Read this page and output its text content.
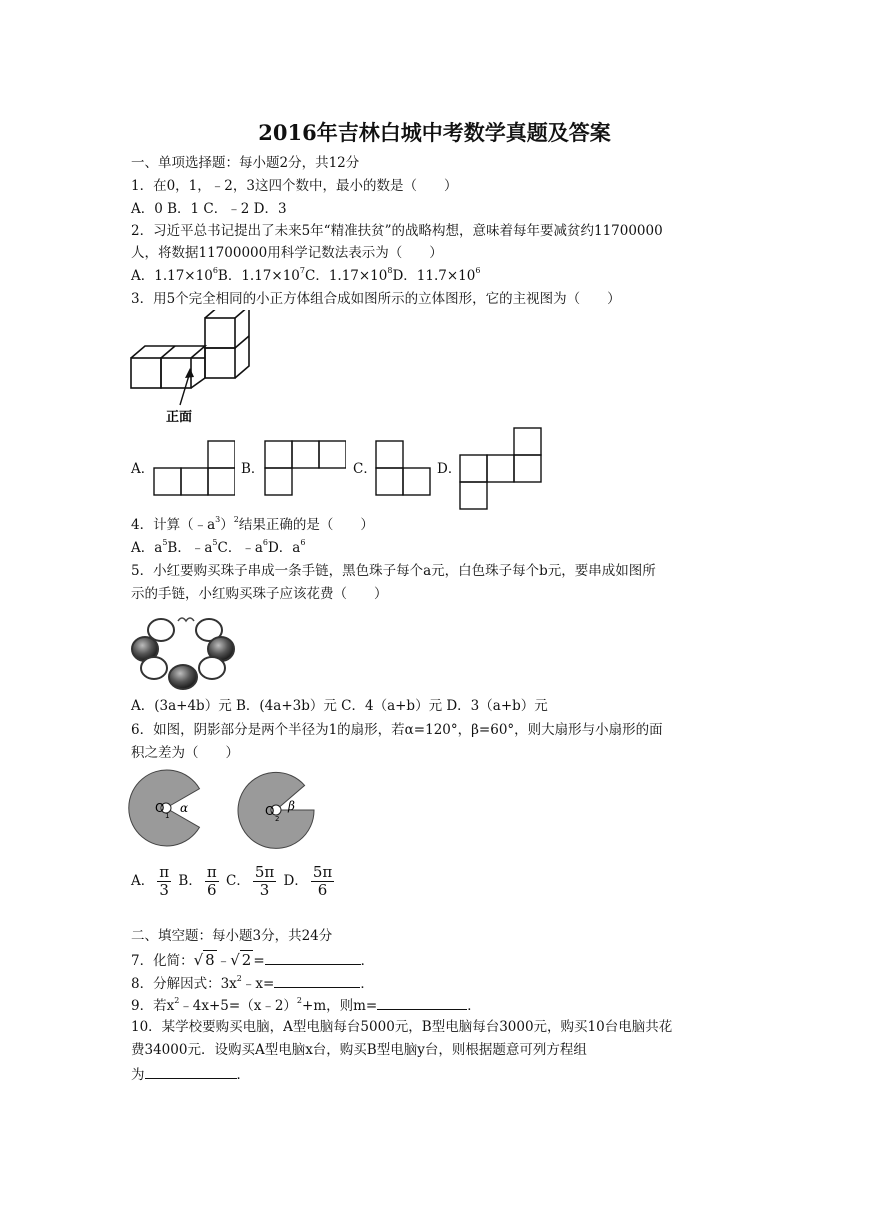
2016年吉林白城中考数学真题及答案
一、单项选择题：每小题2分，共12分
1．在0，1，﹣2，3这四个数中，最小的数是（　　）
A．0 B．1 C．﹣2 D．3
2．习近平总书记提出了未来5年“精准扶贫”的战略构想，意味着每年要减贫约11700000
人，将数据11700000用科学记数法表示为（　　）
A．$1.17\times 10^6B$．$1.17\times 10^7C$．$1.17\times 10^8D$．$11.7\times 10^6$
3．用5个完全相同的小正方体组合成如图所示的立体图形，它的主视图为（　　）
正面
A．	B．	C．	D．
4．计算$(﹣a^3)^2$结果正确的是（　　）
A．$a^5B$．$﹣a^5C$．$﹣a^6D$．$a^6$
5．小红要购买珠子串成一条手链，黑色珠子每个a元，白色珠子每个b元，要串成如图所
示的手链，小红购买珠子应该花费（　　）
A．(3a+4b）元 B．(4a+3b）元 C．4（a+b）元 D．3（a+b）元
6．如图，阴影部分是两个半径为1的扇形，若α=120°，β=60°，则大扇形与小扇形的面
积之差为（　　）
O
1
α	O
2
β
A． $\frac{\pi}{3}$ B． $\frac{\pi}{6}$ C． $\frac{5\pi}{3}$ D． $\frac{5\pi}{6}$
二、填空题：每小题3分，共24分
7．化简：√ 8 ﹣√ 2 =	．
8．分解因式：$3x^2﹣x=$	．
9．若$x^2﹣4x+5=(x﹣2)^2+m$，则m=	．
10．某学校要购买电脑，A型电脑每台5000元，B型电脑每台3000元，购买10台电脑共花
费34000元．设购买A型电脑x台，购买B型电脑y台，则根据题意可列方程组
为	．
